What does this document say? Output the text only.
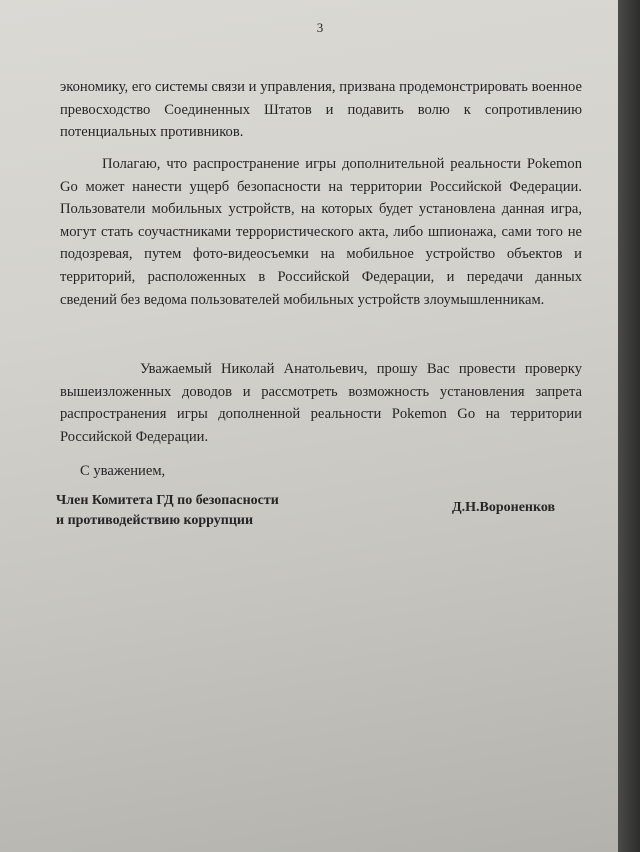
3

экономику, его системы связи и управления, призвана продемонстрировать военное превосходство Соединенных Штатов и подавить волю к сопротивлению потенциальных противников.

Полагаю, что распространение игры дополнительной реальности Pokemon Go может нанести ущерб безопасности на территории Российской Федерации. Пользователи мобильных устройств, на которых будет установлена данная игра, могут стать соучастниками террористического акта, либо шпионажа, сами того не подозревая, путем фото-видеосъемки на мобильное устройство объектов и территорий, расположенных в Российской Федерации, и передачи данных сведений без ведома пользователей мобильных устройств злоумышленникам.

Уважаемый Николай Анатольевич, прошу Вас провести проверку вышеизложенных доводов и рассмотреть возможность установления запрета распространения игры дополненной реальности Pokemon Go на территории Российской Федерации.

С уважением,
Член Комитета ГД по безопасности
и противодействию коррупции
Д.Н.Вороненков
